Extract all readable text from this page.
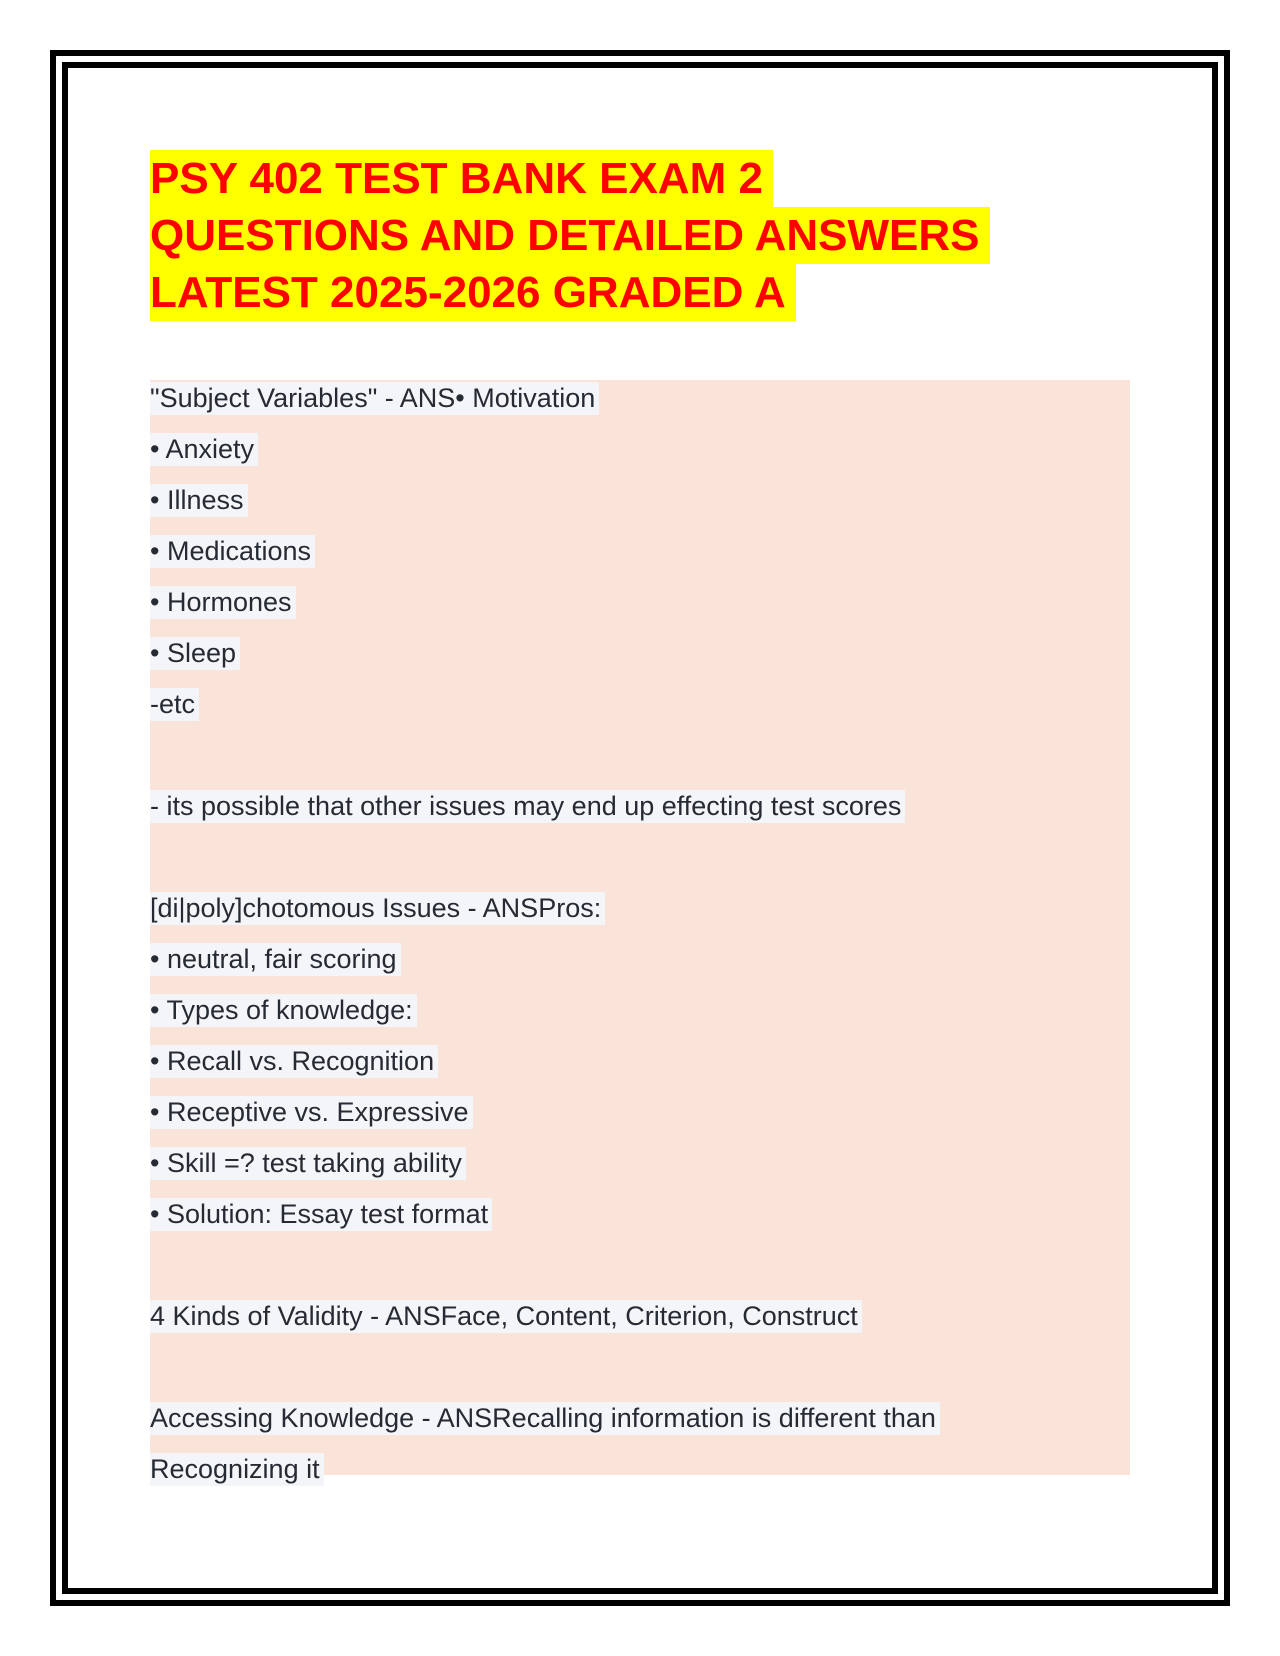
PSY 402 TEST BANK EXAM 2
QUESTIONS AND DETAILED ANSWERS
LATEST 2025-2026 GRADED A
"Subject Variables" - ANS• Motivation
• Anxiety
• Illness
• Medications
• Hormones
• Sleep
-etc
- its possible that other issues may end up effecting test scores
[di|poly]chotomous Issues - ANSPros:
• neutral, fair scoring
• Types of knowledge:
• Recall vs. Recognition
• Receptive vs. Expressive
• Skill =? test taking ability
• Solution: Essay test format
4 Kinds of Validity - ANSFace, Content, Criterion, Construct
Accessing Knowledge - ANSRecalling information is different than
Recognizing it
